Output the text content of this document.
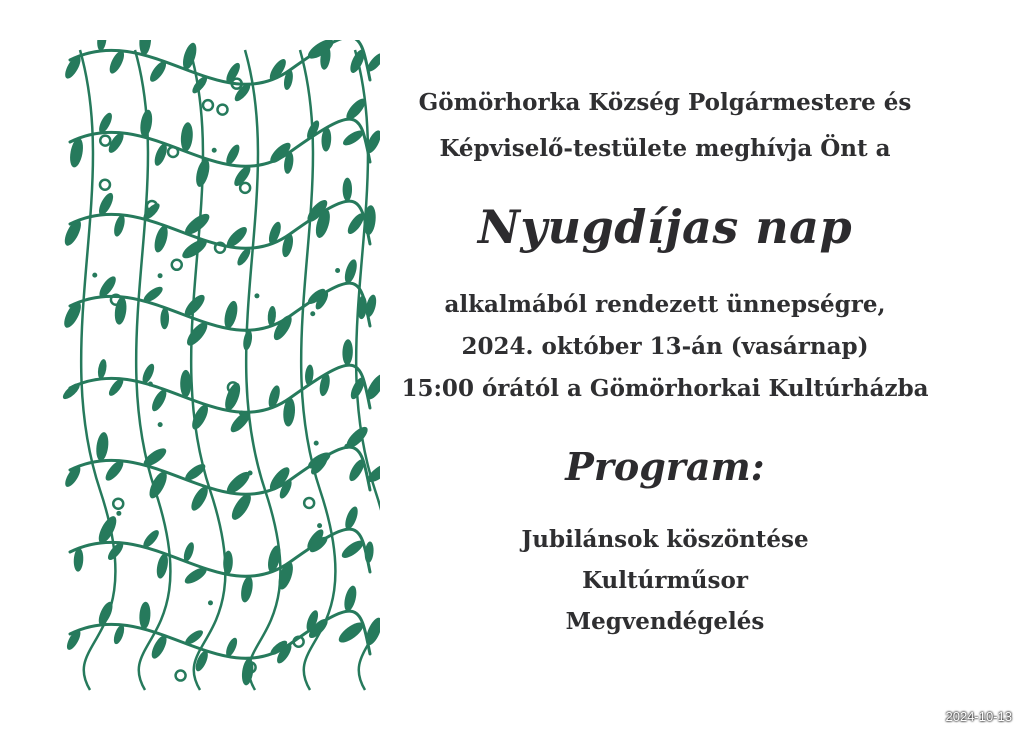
Gömörhorka Község Polgármestere és

Képviselő-testülete meghívja Önt a

Nyugdíjas nap

alkalmából rendezett ünnepségre,

2024. október 13-án (vasárnap)

15:00 órától a Gömörhorkai Kultúrházba

Program:
Jubilánsok köszöntése
Kultúrműsor
Megvendégelés
2024-10-13
